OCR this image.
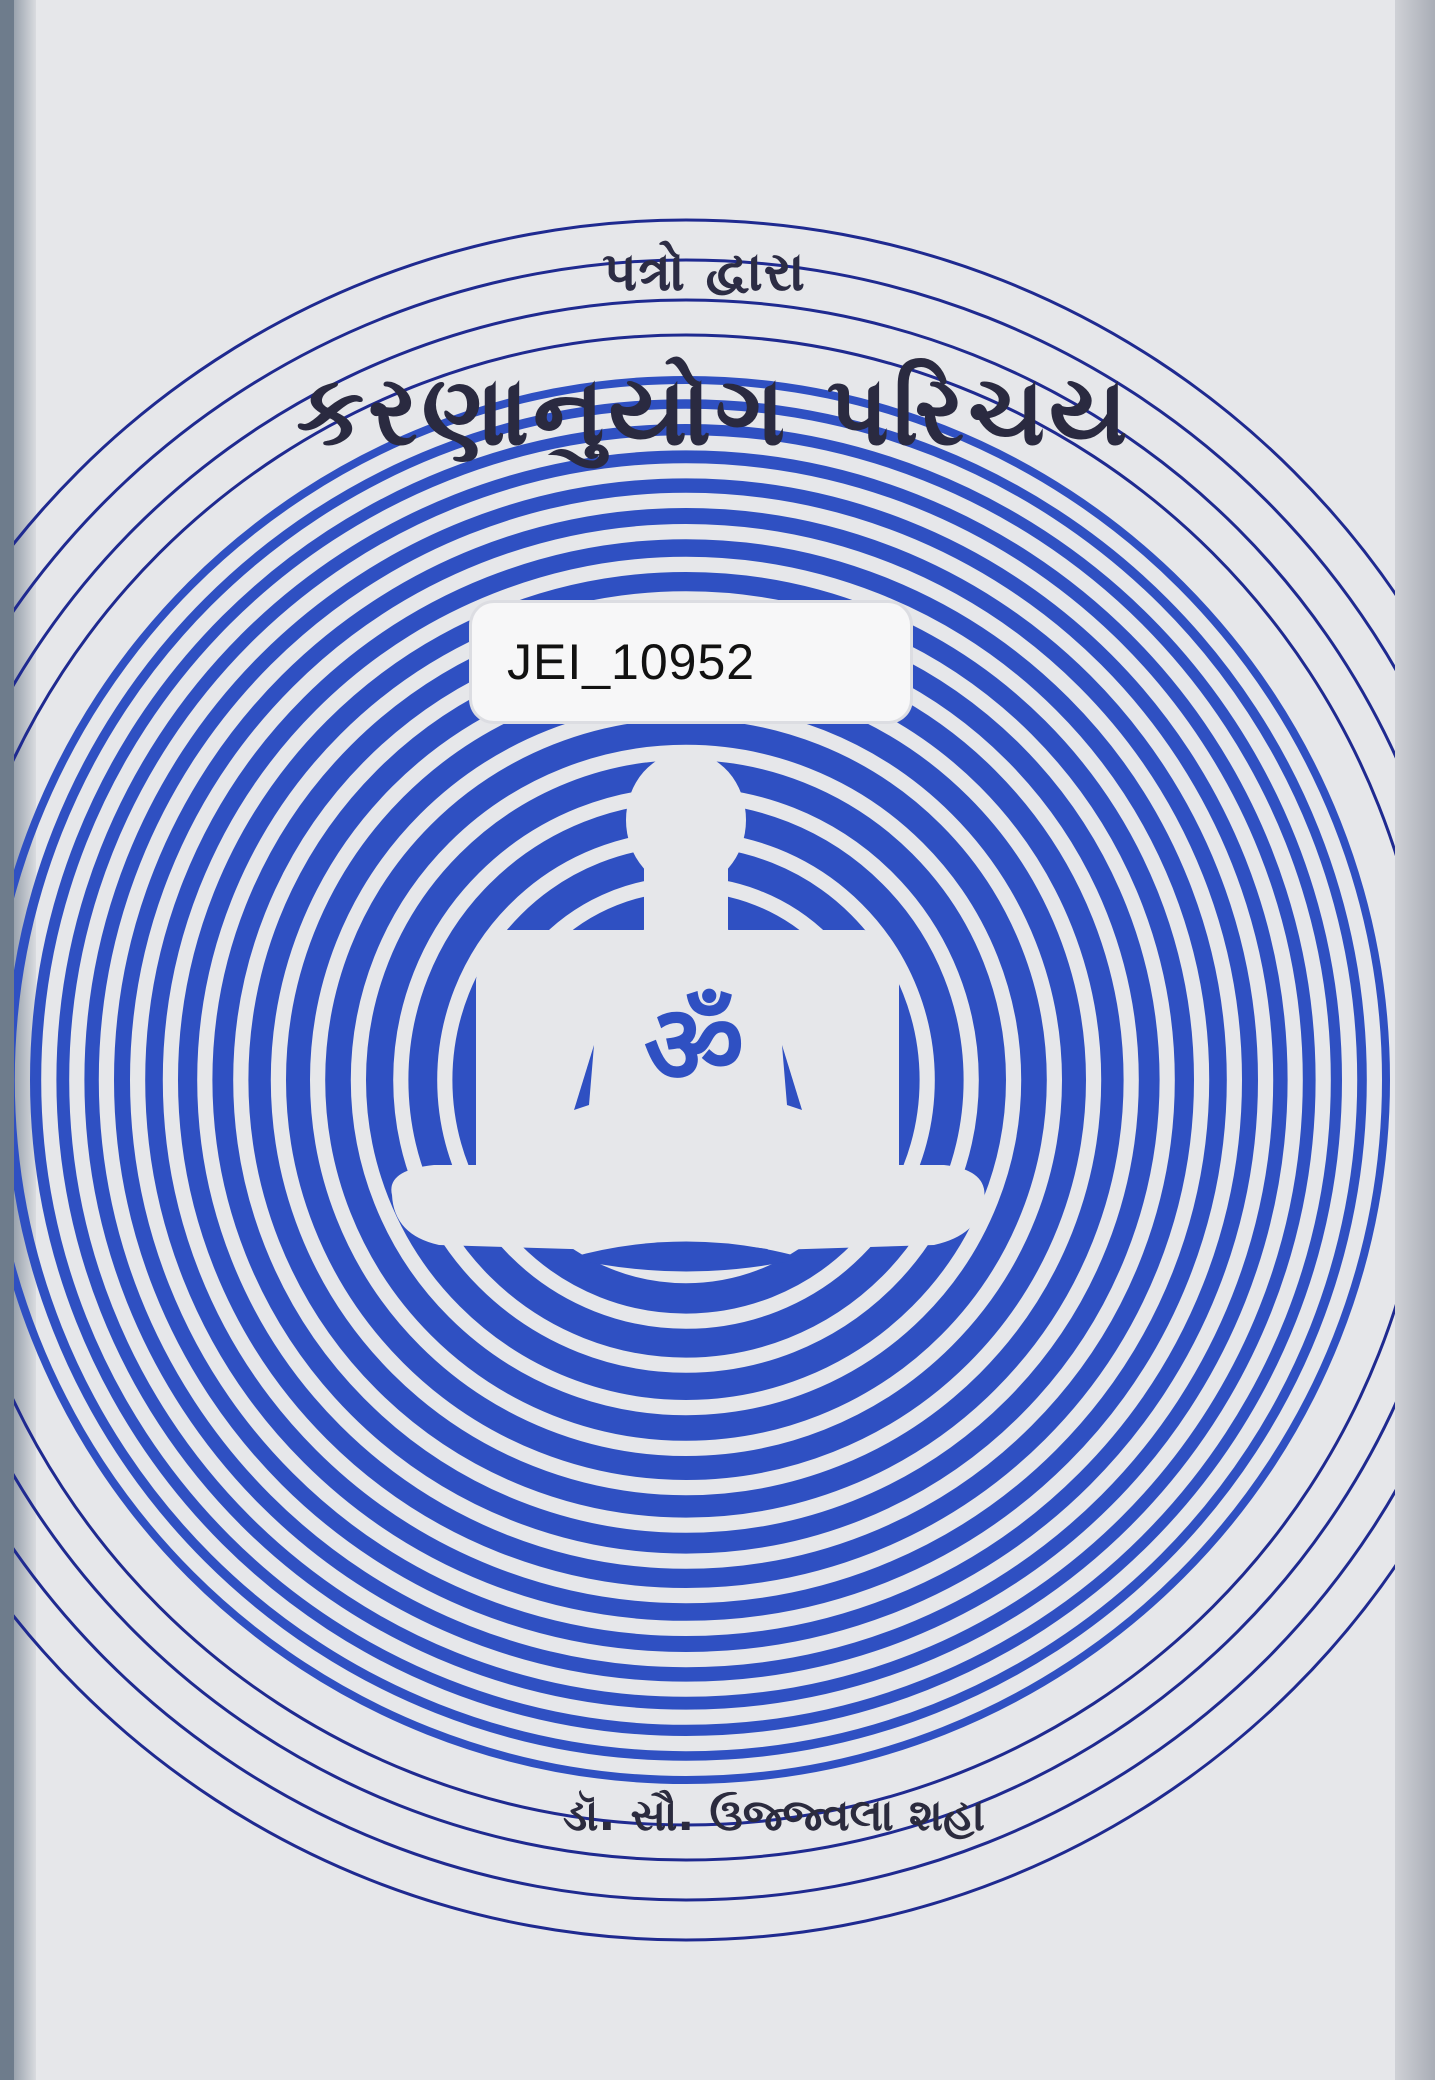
પત્રો દ્વારા
કરણાનુયોગ પરિચય
JEI_10952
ॐ
ડૉ. સૌ. ઉજ્જ્વલા શહા
